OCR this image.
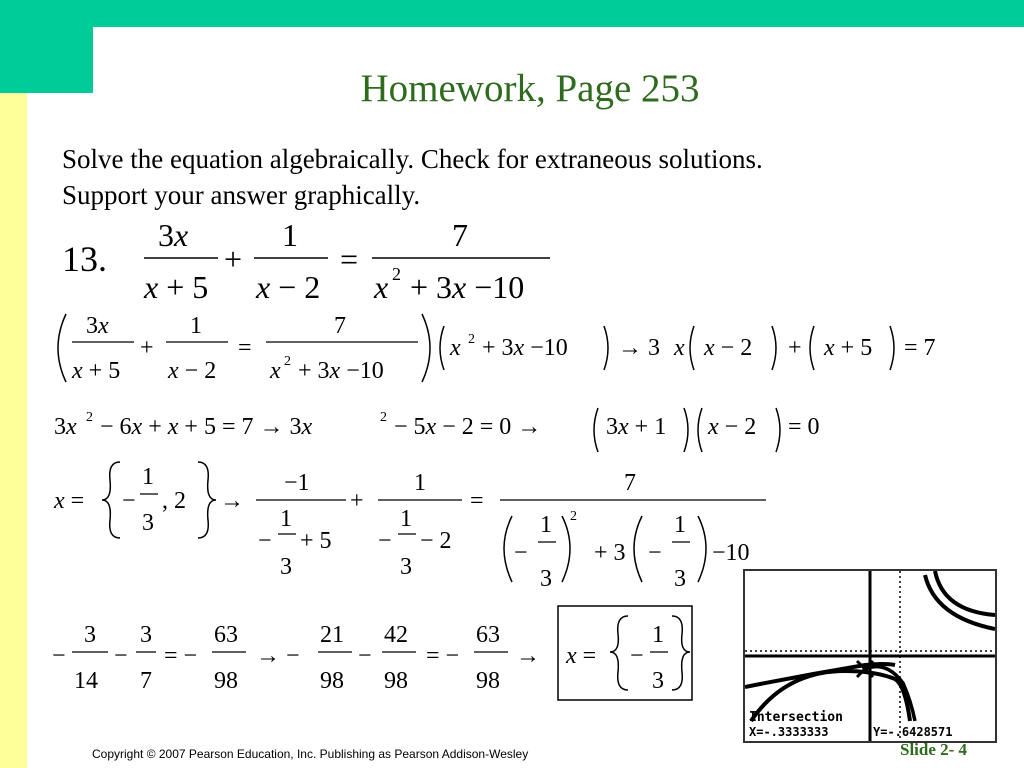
Homework, Page 253
Solve the equation algebraically. Check for extraneous solutions.
Support your answer graphically.
13.
3x
x + 5
+
1
x − 2
=
7
x 2 + 3x −10
3x
x + 5
+
1
x − 2
=
7
x 2 + 3x −10
x 2 + 3x −10 → 3 x x − 2 + x + 5 = 7
3x 2 − 6x + x + 5 = 7 → 3x	2 − 5x − 2 = 0 →	3x + 1 x − 2 = 0
x = −
1
3
, 2 →
−1
−
1
3
+ 5
+
1
−
1
3
− 2
=
7
−
1
3
2
+ 3 −
1
3
−10
−
3
14
−
3
7
= −
63
98
→ −
21
98
−
42
98
= −
63
98
→ x = −
1
3
Intersection
X=-.3333333	Y=-.6428571
Copyright © 2007 Pearson Education, Inc. Publishing as Pearson Addison-Wesley	Slide 2- 4
